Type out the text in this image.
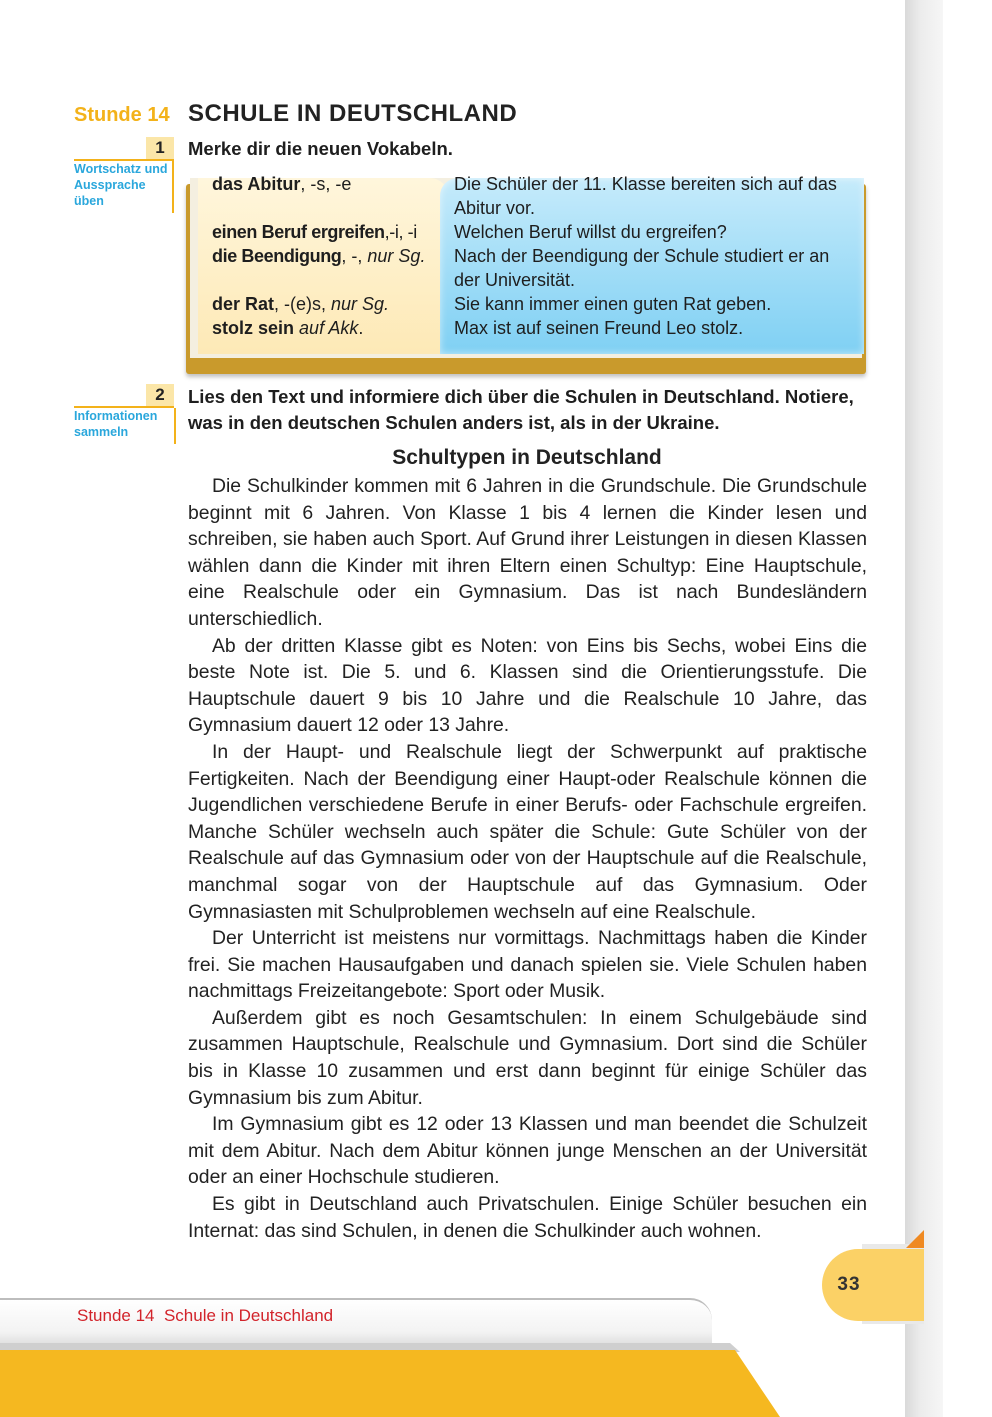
Stunde 14 SCHULE IN DEUTSCHLAND
1
Wortschatz und Aussprache üben
Merke dir die neuen Vokabeln.
das Abitur, -s, -e
einen Beruf ergreifen,-i, -i
die Beendigung, -, nur Sg.
der Rat, -(e)s, nur Sg.
stolz sein auf Akk.
Die Schüler der 11. Klasse bereiten sich auf das Abitur vor.
Welchen Beruf willst du ergreifen?
Nach der Beendigung der Schule studiert er an der Universität.
Sie kann immer einen guten Rat geben.
Max ist auf seinen Freund Leo stolz.
2
Informationen sammeln
Lies den Text und informiere dich über die Schulen in Deutschland. Notiere, was in den deutschen Schulen anders ist, als in der Ukraine.
Schultypen in Deutschland

Die Schulkinder kommen mit 6 Jahren in die Grundschule. Die Grundschule beginnt mit 6 Jahren. Von Klasse 1 bis 4 lernen die Kinder lesen und schreiben, sie haben auch Sport. Auf Grund ihrer Leistungen in diesen Klassen wählen dann die Kinder mit ihren Eltern einen Schultyp: Eine Hauptschule, eine Realschule oder ein Gymnasium. Das ist nach Bundesländern unterschiedlich.

Ab der dritten Klasse gibt es Noten: von Eins bis Sechs, wobei Eins die beste Note ist. Die 5. und 6. Klassen sind die Orientierungsstufe. Die Hauptschule dauert 9 bis 10 Jahre und die Realschule 10 Jahre, das Gymnasium dauert 12 oder 13 Jahre.

In der Haupt- und Realschule liegt der Schwerpunkt auf praktische Fertigkeiten. Nach der Beendigung einer Haupt-oder Realschule können die Jugendlichen verschiedene Berufe in einer Berufs- oder Fachschule ergreifen. Manche Schüler wechseln auch später die Schule: Gute Schüler von der Realschule auf das Gymnasium oder von der Hauptschule auf die Realschule, manchmal sogar von der Hauptschule auf das Gymnasium. Oder Gymnasiasten mit Schulproblemen wechseln auf eine Realschule.

Der Unterricht ist meistens nur vormittags. Nachmittags haben die Kinder frei. Sie machen Hausaufgaben und danach spielen sie. Viele Schulen haben nachmittags Freizeitangebote: Sport oder Musik.

Außerdem gibt es noch Gesamtschulen: In einem Schulgebäude sind zusammen Hauptschule, Realschule und Gymnasium. Dort sind die Schüler bis in Klasse 10 zusammen und erst dann beginnt für einige Schüler das Gymnasium bis zum Abitur.

Im Gymnasium gibt es 12 oder 13 Klassen und man beendet die Schulzeit mit dem Abitur. Nach dem Abitur können junge Menschen an der Universität oder an einer Hochschule studieren.

Es gibt in Deutschland auch Privatschulen. Einige Schüler besuchen ein Internat: das sind Schulen, in denen die Schulkinder auch wohnen.

33
Stunde 14  Schule in Deutschland
